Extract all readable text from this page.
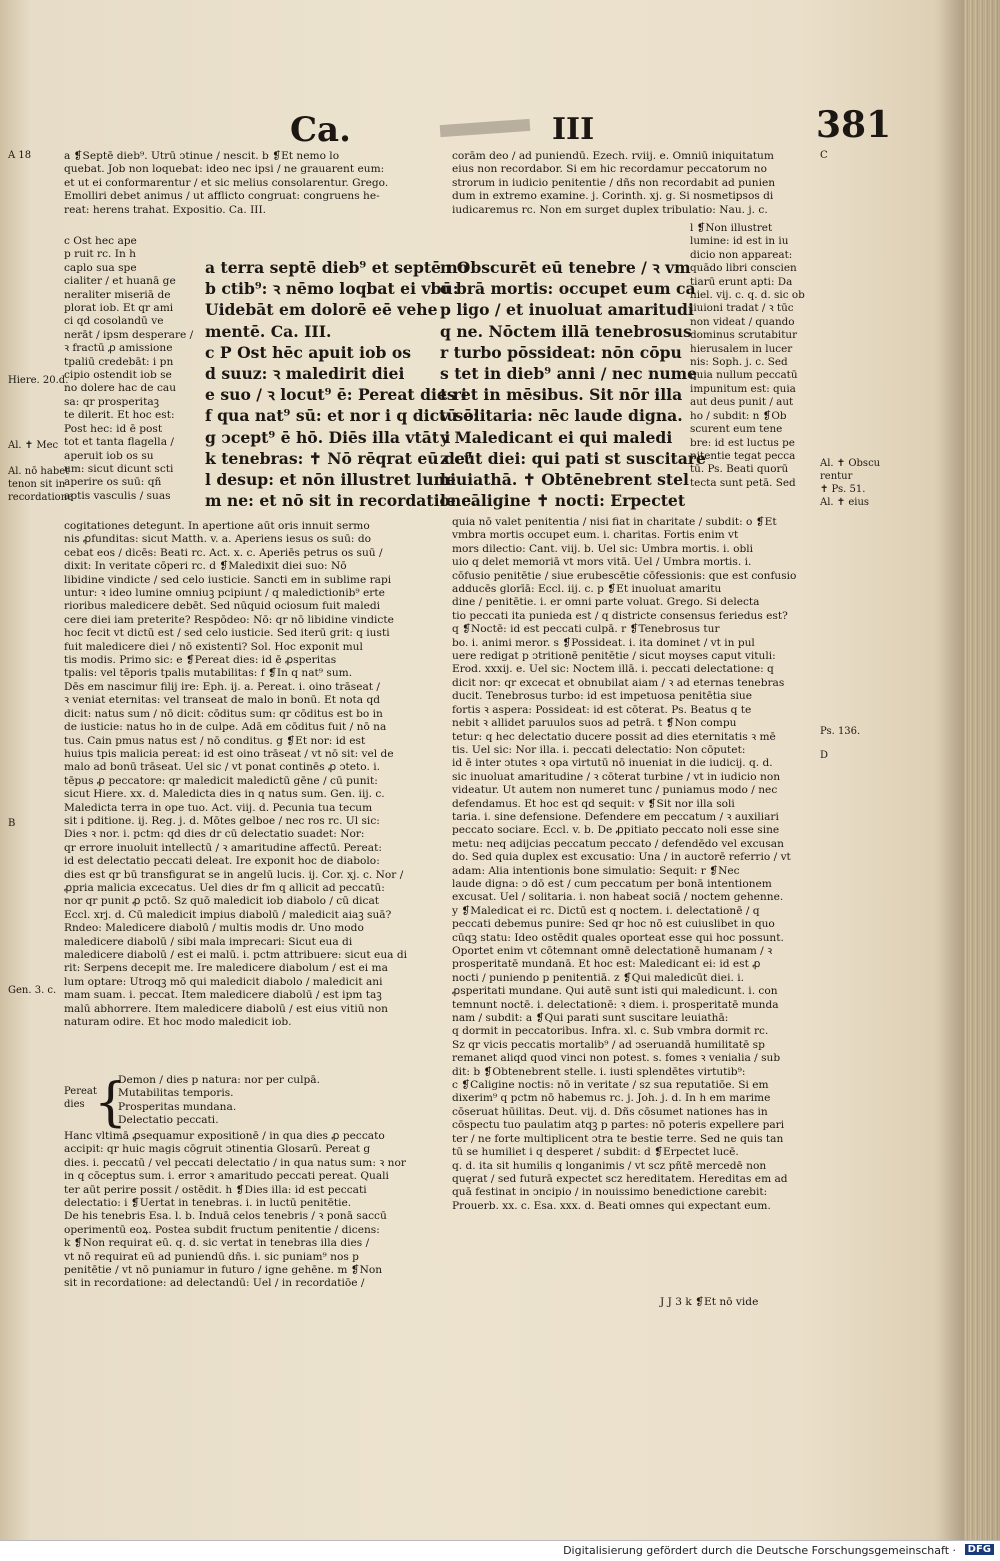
Ca.	III	381
A 18
Hiere. 20.d.
Al. ✝ Mec
Al. nō habet
tenon sit in
recordatione
B
Gen. 3. c.
C
Al. ✝ Obscu
rentur
✝ Ps. 51.
Al. ✝ eius
Ps. 136.
D

a ❡Septē dieb⁹. Utrū ↄtinue / nescit. b ❡Et nemo lo

quebat. Job non loquebat: ideo nec ipsi / ne grauarent eum:

et ut ei conformarentur / et sic melius consolarentur. Grego.

Emolliri debet animus / ut afflicto congruat: congruens he-

reat: herens trahat. Expositio. Ca. III.

c Ost hec ape

p ruit rc. In h

caplo sua spe

cialiter / et huanā ge

neraliter miseriā de

plorat iob. Et qr ami

ci qd cosolandū ve

nerāt / ipsm desperare /

ꝛ fractū ꝓ amissione

tpaliū credebāt: i pn

cipio ostendit iob se

no dolere hac de cau

sa: qr prosperitaꝫ

te dilerit. Et hoc est:

Post hec: id ē post

tot et tanta flagella /

aperuit iob os su

um: sicut dicunt scti

aperire os suū: qñ

aptis vasculis / suas

a terra septē dieb⁹ et septē no

b ctib⁹: ꝛ nēmo loqbat ei vbū:

Uidebāt em dolorē eē vehe

mentē. Ca. III.

c P Ost hēc apuit iob os

d suuz: ꝛ maledirit diei

e suo / ꝛ locut⁹ ē: Pereat dies i

f qua nat⁹ sū: et nor i q dictū ē:

g ↄcept⁹ ē hō. Diēs illa vtāt i

k tenebras: ✝ Nō rēqrat eū de⁹

l desup: et nōn illustret lumi

m ne: et nō sit in recordatione.

n Obscurēt eū tenebre / ꝛ vm

o brā mortis: occupet eum ca

p ligo / et inuoluat amaritudi

q ne. Nōctem illā tenebrosus

r turbo pōssideat: nōn cōpu

s tet in dieb⁹ anni / nec nume

t ret in mēsibus. Sit nōr illa

v solitaria: nēc laude digna.

y Maledicant ei qui maledi

z cūt diei: qui pati st suscitare

leuiathā. ✝ Obtēnebrent stel

le cāligine ✝ nocti: Erpectet

corām deo / ad puniendū. Ezech. rviij. e. Omniū iniquitatum

eius non recordabor. Si em hic recordamur peccatorum no

strorum in iudicio penitentie / dñs non recordabit ad punien

dum in extremo examine. j. Corinth. xj. g. Si nosmetipsos di

iudicaremus rc. Non em surget duplex tribulatio: Nau. j. c.

l ❡Non illustret

lumine: id est in iu

dicio non appareat:

quādo libri conscien

tiarū erunt apti: Da

niel. vij. c. q. d. sic ob

liuioni tradat / ꝛ tūc

non videat / quando

dominus scrutabitur

hierusalem in lucer

nis: Soph. j. c. Sed

quia nullum peccatū

impunitum est: quia

aut deus punit / aut

ho / subdit: n ❡Ob

scurent eum tene

bre: id est luctus pe

nitentie tegat pecca

tū. Ps. Beati quorū

tecta sunt petā. Sed

cogitationes detegunt. In apertione aūt oris innuit sermo

nis ꝓfunditas: sicut Matth. v. a. Aperiens iesus os suū: do

cebat eos / dicēs: Beati rc. Act. x. c. Aperiēs petrus os suū /

dixit: In veritate cōperi rc. d ❡Maledixit diei suo: Nō

libidine vindicte / sed celo iusticie. Sancti em in sublime rapi

untur: ꝛ ideo lumine omniuꝫ pcipiunt / q maledictionib⁹ erte

rioribus maledicere debēt. Sed nūquid ociosum fuit maledi

cere diei iam preterite? Respōdeo: Nō: qr nō libidine vindicte

hoc fecit vt dictū est / sed celo iusticie. Sed iterū grit: q iusti

fuit maledicere diei / nō existenti? Sol. Hoc exponit mul

tis modis. Primo sic: e ❡Pereat dies: id ē ꝓsperitas

tpalis: vel tēporis tpalis mutabilitas: f ❡In q nat⁹ sum.

Dēs em nascimur filij ire: Eph. ij. a. Pereat. i. oino trāseat /

ꝛ veniat eternitas: vel transeat de malo in bonū. Et nota qd

dicit: natus sum / nō dicit: cōditus sum: qr cōditus est bo in

de iusticie: natus ho in de culpe. Adā em cōditus fuit / nō na

tus. Cain pmus natus est / nō conditus. g ❡Et nor: id est

huius tpis malicia pereat: id est oino trāseat / vt nō sit: vel de

malo ad bonū trāseat. Uel sic / vt ponat continēs ꝓ ↄteto. i.

tēpus ꝓ peccatore: qr maledicit maledictū gēne / cū punit:

sicut Hiere. xx. d. Maledicta dies in q natus sum. Gen. iij. c.

Maledicta terra in ope tuo. Act. viij. d. Pecunia tua tecum

sit i pditione. ij. Reg. j. d. Mōtes gelboe / nec ros rc. Ul sic:

Dies ꝛ nor. i. pctm: qd dies dr cū delectatio suadet: Nor:

qr errore inuoluit intellectū / ꝛ amaritudine affectū. Pereat:

id est delectatio peccati deleat. Ire exponit hoc de diabolo:

dies est qr bū transfigurat se in angelū lucis. ij. Cor. xj. c. Nor /

ꝓpria malicia excecatus. Uel dies dr fm q allicit ad peccatū:

nor qr punit ꝓ pctō. Sz quō maledicit iob diabolo / cū dicat

Eccl. xrj. d. Cū maledicit impius diabolū / maledicit aiaꝫ suā?

Rndeo: Maledicere diabolū / multis modis dr. Uno modo

maledicere diabolū / sibi mala imprecari: Sicut eua di

maledicere diabolū / est ei malū. i. pctm attribuere: sicut eua di

rit: Serpens decepit me. Ire maledicere diabolum / est ei ma

lum optare: Utroqꝫ mō qui maledicit diabolo / maledicit ani

mam suam. i. peccat. Item maledicere diabolū / est ipm taꝫ

malū abhorrere. Item maledicere diabolū / est eius vitiū non

naturam odire. Et hoc modo maledicit iob.

Pereat
dies {

Demon / dies p natura: nor per culpā.

Mutabilitas temporis.

Prosperitas mundana.

Delectatio peccati.

Hanc vltimā ꝓsequamur expositionē / in qua dies ꝓ peccato

accipit: qr huic magis cōgruit ↄtinentia Glosarū. Pereat g

dies. i. peccatū / vel peccati delectatio / in qua natus sum: ꝛ nor

in q cōceptus sum. i. error ꝛ amaritudo peccati pereat. Quali

ter aūt perire possit / ostēdit. h ❡Dies illa: id est peccati

delectatio: i ❡Uertat in tenebras. i. in luctū penitētie.

De his tenebris Esa. l. b. Induā celos tenebris / ꝛ ponā saccū

operimentū eoꝝ. Postea subdit fructum penitentie / dicens:

k ❡Non requirat eū. q. d. sic vertat in tenebras illa dies /

vt nō requirat eū ad puniendū dñs. i. sic puniam⁹ nos p

penitētie / vt nō puniamur in futuro / igne gehēne. m ❡Non

sit in recordatione: ad delectandū: Uel / in recordatiōe /

quia nō valet penitentia / nisi fiat in charitate / subdit: o ❡Et

vmbra mortis occupet eum. i. charitas. Fortis enim vt

mors dilectio: Cant. viij. b. Uel sic: Umbra mortis. i. obli

uio q delet memoriā vt mors vitā. Uel / Umbra mortis. i.

cōfusio penitētie / siue erubescētie cōfessionis: que est confusio

adducēs glorīā: Eccl. iij. c. p ❡Et inuoluat amaritu

dine / penitētie. i. er omni parte voluat. Grego. Si delecta

tio peccati ita punieda est / q districte consensus feriedus est?

q ❡Noctē: id est peccati culpā. r ❡Tenebrosus tur

bo. i. animi meror. s ❡Possideat. i. ita dominet / vt in pul

uere redigat p ↄtritionē penitētie / sicut moyses caput vituli:

Erod. xxxij. e. Uel sic: Noctem illā. i. peccati delectatione: q

dicit nor: qr excecat et obnubilat aiam / ꝛ ad eternas tenebras

ducit. Tenebrosus turbo: id est impetuosa penitētia siue

fortis ꝛ aspera: Possideat: id est cōterat. Ps. Beatus q te

nebit ꝛ allidet paruulos suos ad petrā. t ❡Non compu

tetur: q hec delectatio ducere possit ad dies eternitatis ꝛ mē

tis. Uel sic: Nor illa. i. peccati delectatio: Non cōputet:

id ē inter ↄtutes ꝛ opa virtutū nō inueniat in die iudicij. q. d.

sic inuoluat amaritudine / ꝛ cōterat turbine / vt in iudicio non

videatur. Ut autem non numeret tunc / puniamus modo / nec

defendamus. Et hoc est qd sequit: v ❡Sit nor illa soli

taria. i. sine defensione. Defendere em peccatum / ꝛ auxiliari

peccato sociare. Eccl. v. b. De ꝓpitiato peccato noli esse sine

metu: neq adijcias peccatum peccato / defendēdo vel excusan

do. Sed quia duplex est excusatio: Una / in auctorē referrio / vt

adam: Alia intentionis bone simulatio: Sequit: r ❡Nec

laude digna: ↄ dō est / cum peccatum per bonā intentionem

excusat. Uel / solitaria. i. non habeat sociā / noctem gehenne.

y ❡Maledicat ei rc. Dictū est q noctem. i. delectationē / q

peccati debemus punire: Sed qr hoc nō est cuiuslibet in quo

cūqꝫ statu: Ideo ostēdit quales oporteat esse qui hoc possunt.

Oportet enim vt cōtemnant omnē delectationē humanam / ꝛ

prosperitatē mundanā. Et hoc est: Maledicant ei: id est ꝓ

nocti / puniendo p penitentiā. z ❡Qui maledicūt diei. i.

ꝓsperitati mundane. Qui autē sunt isti qui maledicunt. i. con

temnunt noctē. i. delectationē: ꝛ diem. i. prosperitatē munda

nam / subdit: a ❡Qui parati sunt suscitare leuiathā:

q dormit in peccatoribus. Infra. xl. c. Sub vmbra dormit rc.

Sz qr vicis peccatis mortalib⁹ / ad ↄseruandā humilitatē sp

remanet aliqd quod vinci non potest. s. fomes ꝛ venialia / sub

dit: b ❡Obtenebrent stelle. i. iusti splendētes virtutib⁹:

c ❡Caligine noctis: nō in veritate / sz sua reputatiōe. Si em

dixerim⁹ q pctm nō habemus rc. j. Joh. j. d. In h em marime

cōseruat hūilitas. Deut. vij. d. Dñs cōsumet nationes has in

cōspectu tuo paulatim atqꝫ p partes: nō poteris expellere pari

ter / ne forte multiplicent ↄtra te bestie terre. Sed ne quis tan

tū se humiliet i q desperet / subdit: d ❡Erpectet lucē.

q. d. ita sit humilis q longanimis / vt scz pñtē mercedē non

quęrat / sed futurā expectet scz hereditatem. Hereditas em ad

quā festinat in ↄncipio / in nouissimo benedictione carebit:

Prouerb. xx. c. Esa. xxx. d. Beati omnes qui expectant eum.

J J 3 k ❡Et nō vide

Digitalisierung gefördert durch die Deutsche Forschungsgemeinschaft ·	DFG
